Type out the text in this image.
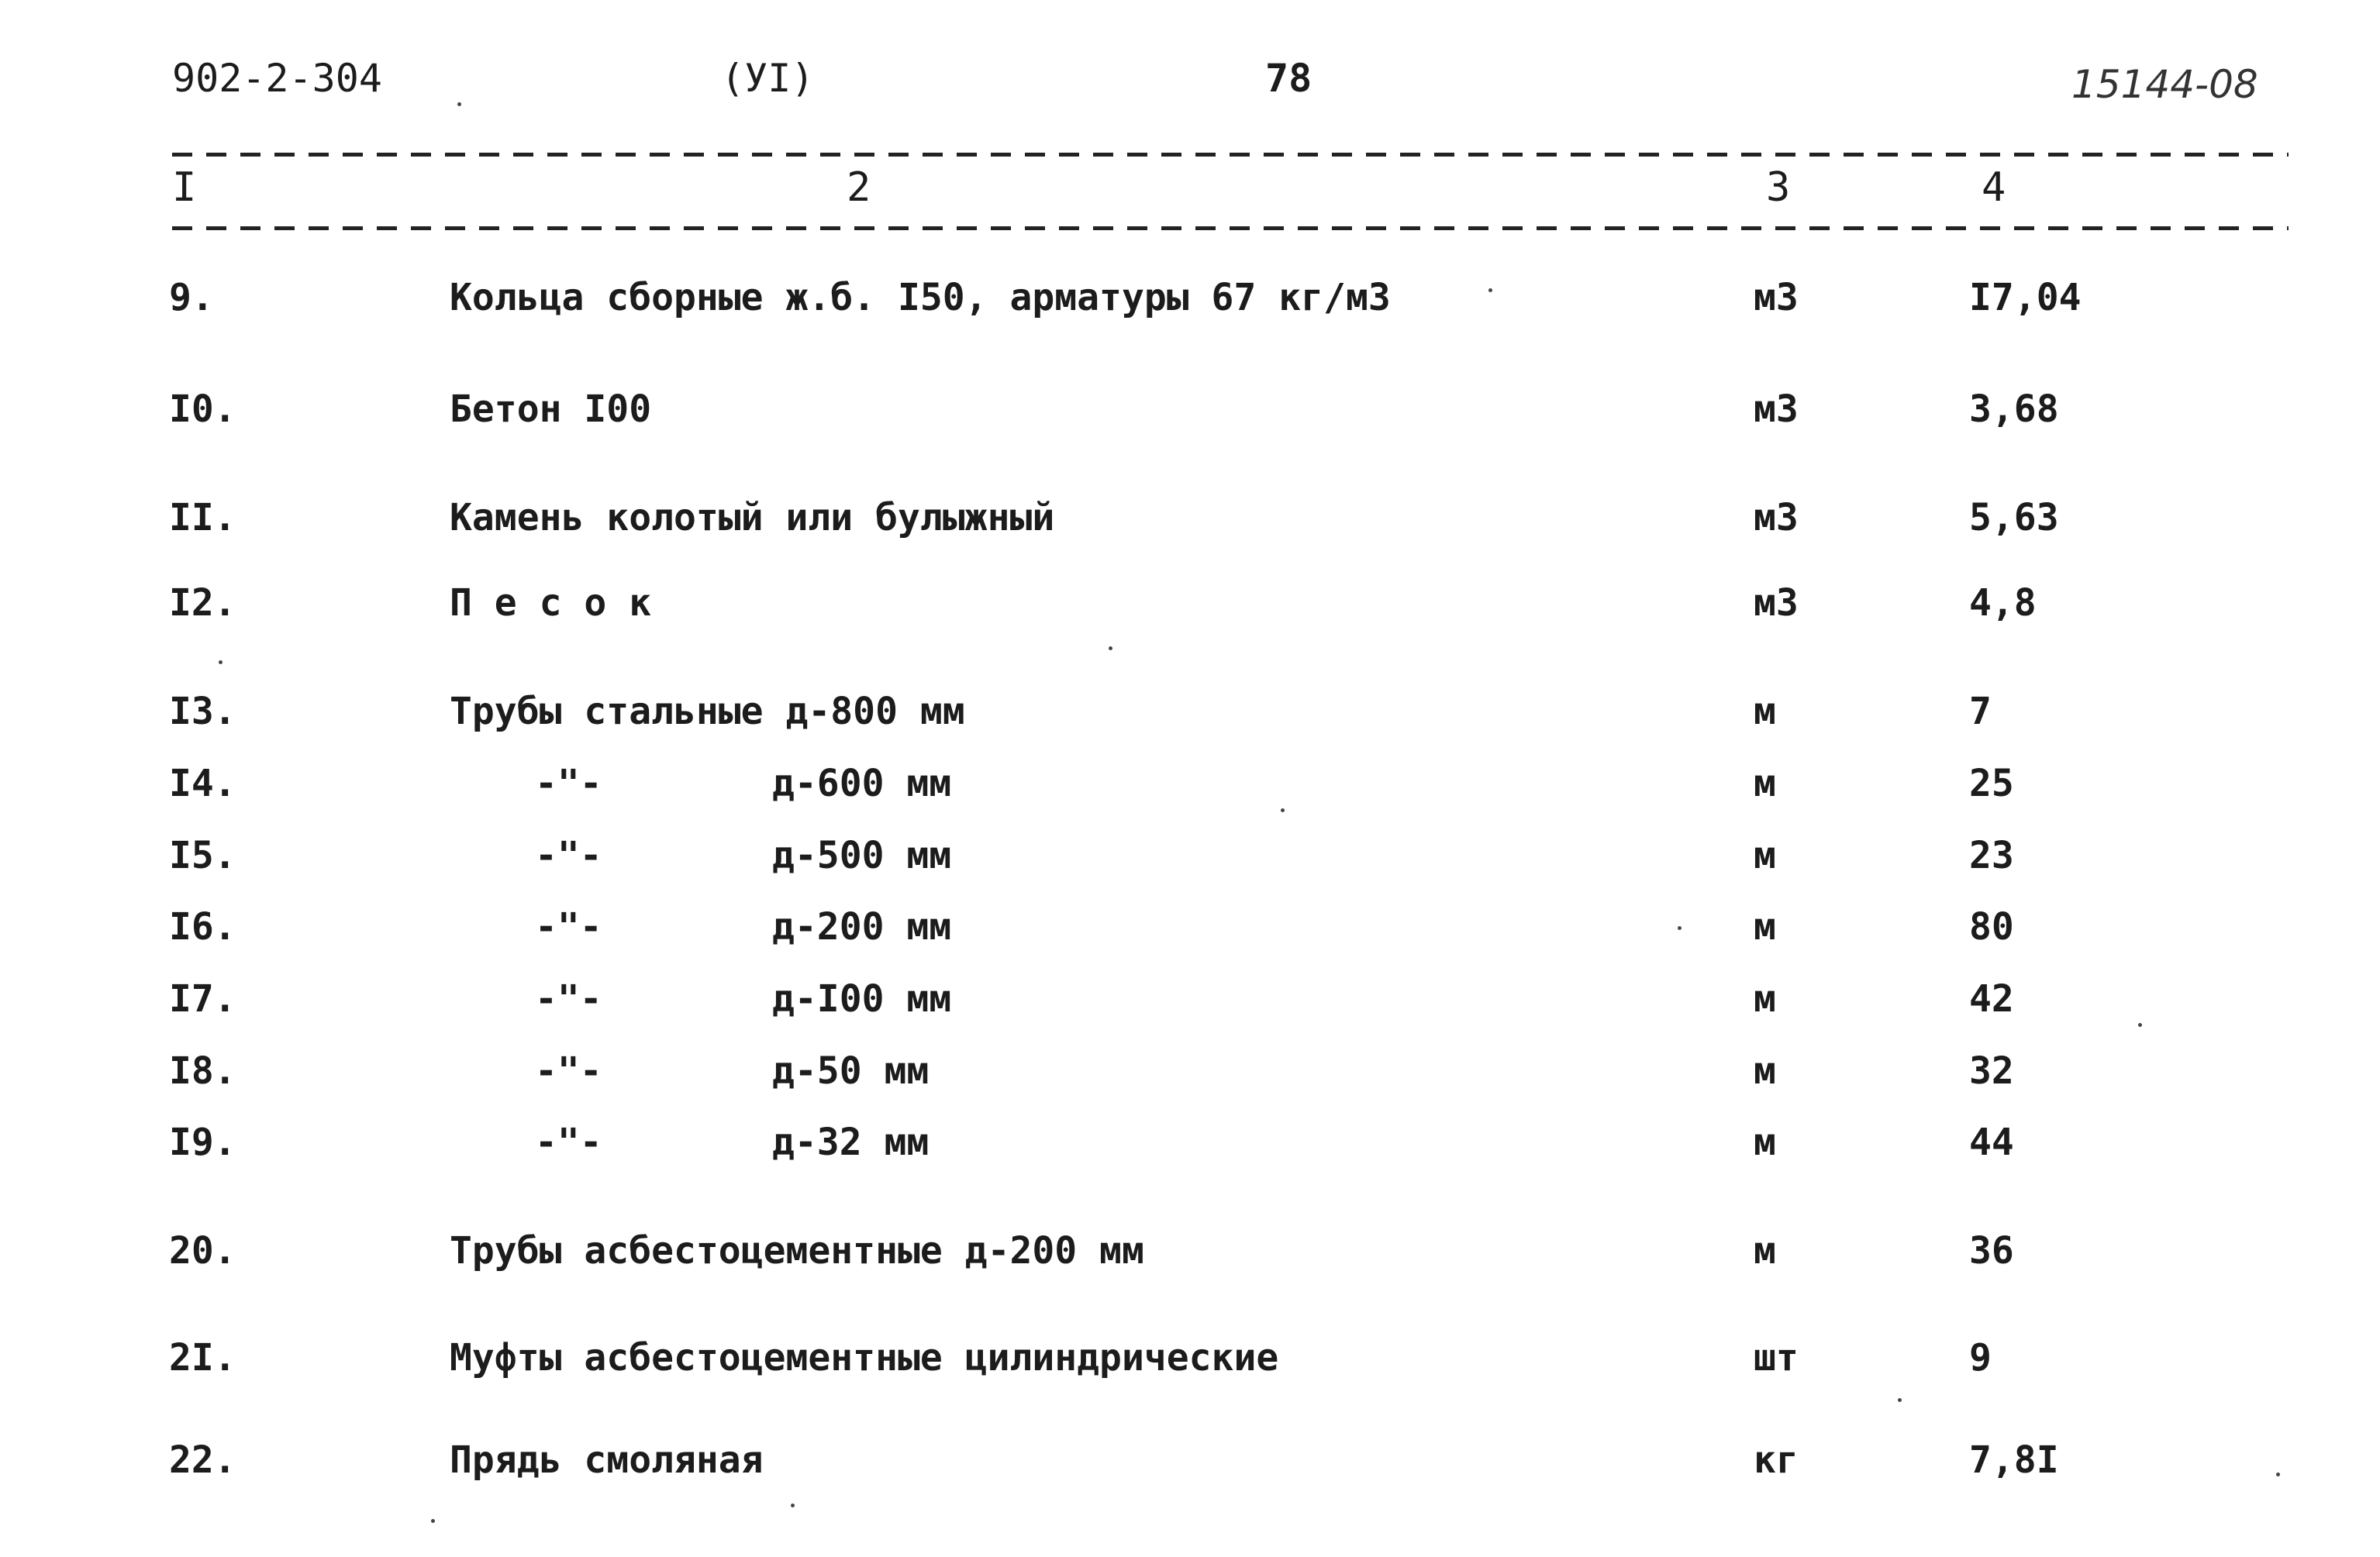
902-2-304	(УI)	78	15144-08
I	2	3	4
9.	Кольца сборные ж.б. I50, арматуры 67 кг/м3	м3	I7,04
I0.	Бетон I00	м3	3,68
II.	Камень колотый или булыжный	м3	5,63
I2.	П е с о к	м3	4,8
I3.	Трубы стальные д-800 мм	м	7
I4.	-"-	д-600 мм	м	25
I5.	-"-	д-500 мм	м	23
I6.	-"-	д-200 мм	м	80
I7.	-"-	д-I00 мм	м	42
I8.	-"-	д-50 мм	м	32
I9.	-"-	д-32 мм	м	44
20.	Трубы асбестоцементные д-200 мм	м	36
2I.	Муфты асбестоцементные цилиндрические	шт	9
22.	Прядь смоляная	кг	7,8I
